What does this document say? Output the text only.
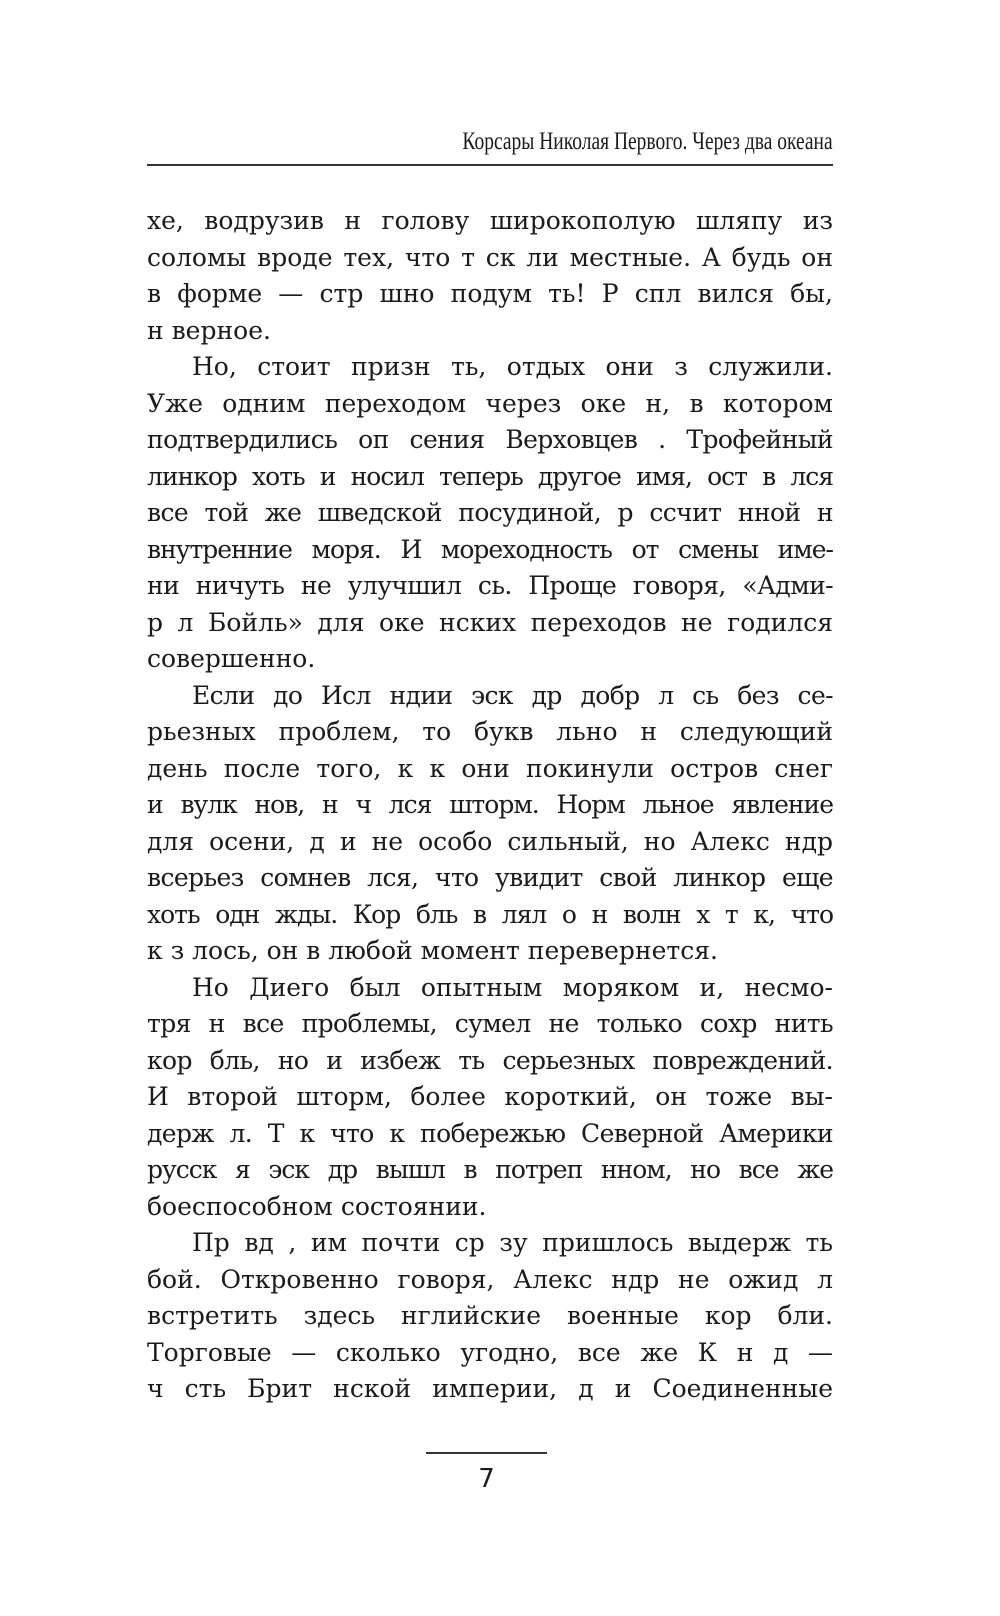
Корсары Николая Первого. Через два океана
хе, водрузив н голову широкополую шляпу из
соломы вроде тех, что т ск ли местные. А будь он
в форме — стр шно подум ть! Р спл вился бы,
н верное.
Но, стоит призн ть, отдых они з служили.
Уже одним переходом через оке н, в котором
подтвердились оп сения Верховцев . Трофейный
линкор хоть и носил теперь другое имя, ост в лся
все той же шведской посудиной, р ссчит нной н
внутренние моря. И мореходность от смены име-
ни ничуть не улучшил сь. Проще говоря, «Адми-
р л Бойль» для оке нских переходов не годился
совершенно.
Если до Исл ндии эск др добр л сь без се-
рьезных проблем, то букв льно н следующий
день после того, к к они покинули остров снег
и вулк нов, н ч лся шторм. Норм льное явление
для осени, д и не особо сильный, но Алекс ндр
всерьез сомнев лся, что увидит свой линкор еще
хоть одн жды. Кор бль в лял о н волн х т к, что
к з лось, он в любой момент перевернется.
Но Диего был опытным моряком и, несмо-
тря н все проблемы, сумел не только сохр нить
кор бль, но и избеж ть серьезных повреждений.
И второй шторм, более короткий, он тоже вы-
держ л. Т к что к побережью Северной Америки
русск я эск др вышл в потреп нном, но все же
боеспособном состоянии.
Пр вд , им почти ср зу пришлось выдерж ть
бой. Откровенно говоря, Алекс ндр не ожид л
встретить здесь нглийские военные кор бли.
Торговые — сколько угодно, все же К н д —
ч сть Брит нской империи, д и Соединенные
7
